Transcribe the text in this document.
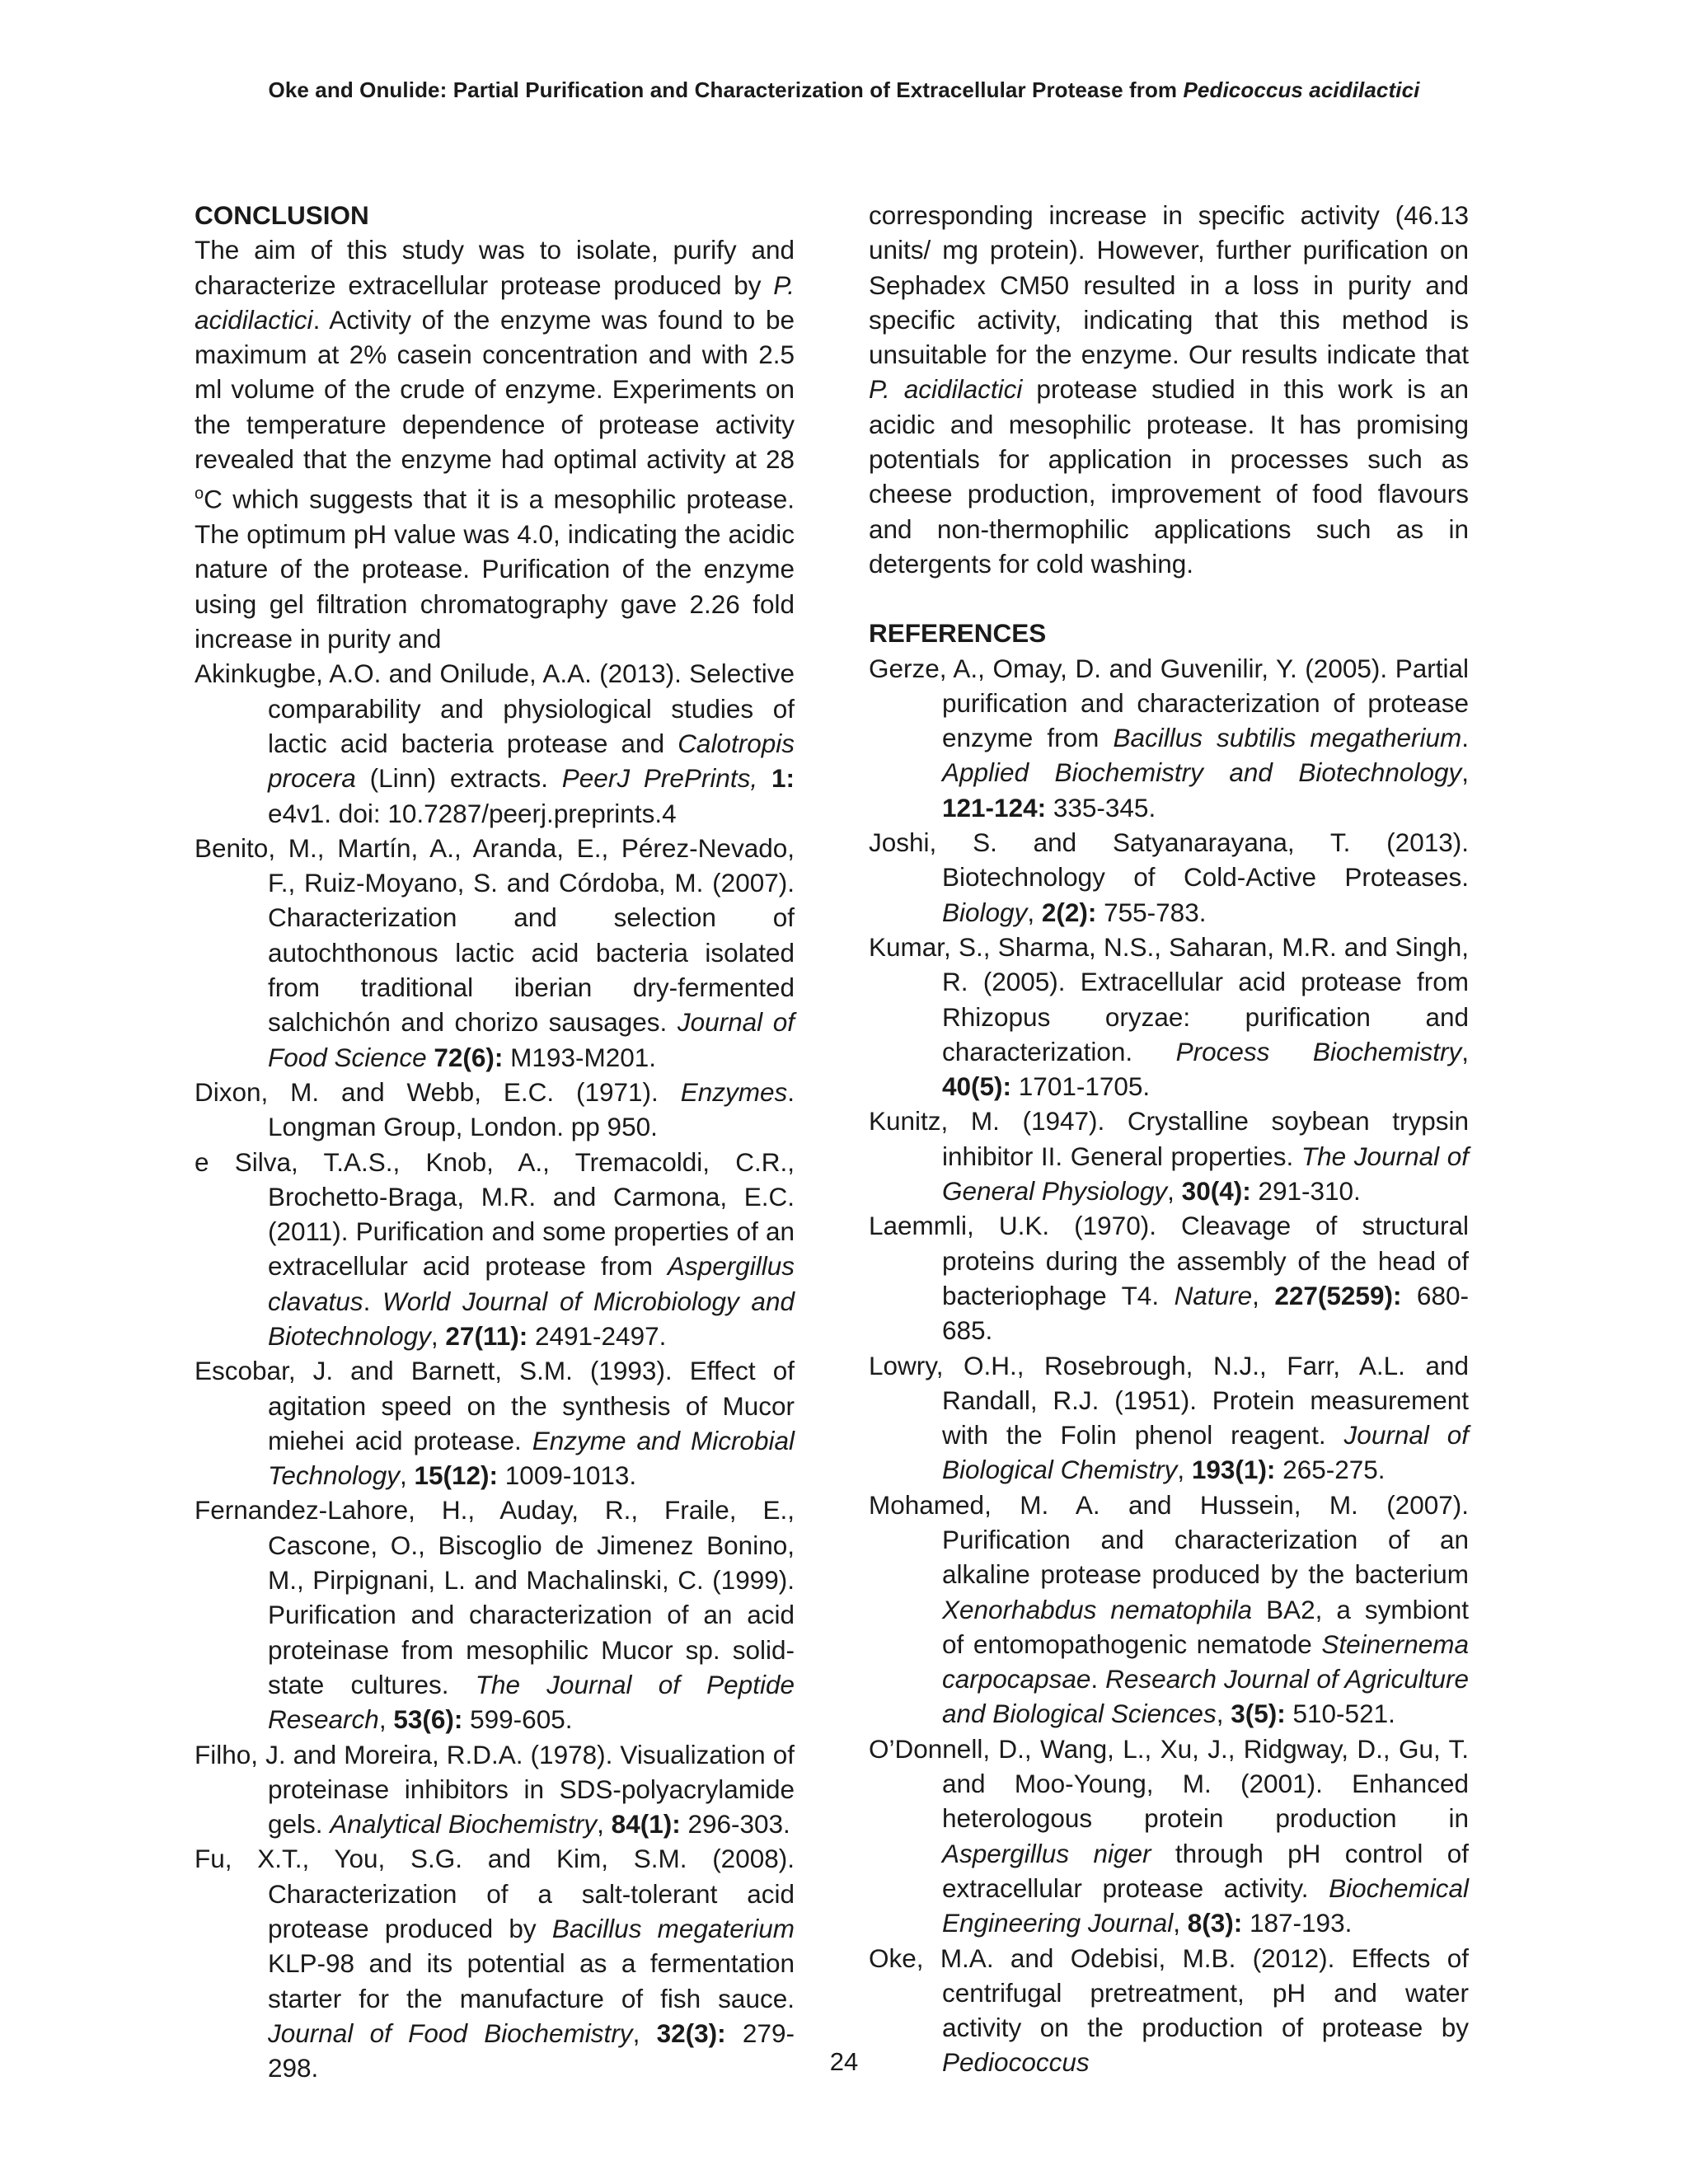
Oke and Onulide: Partial Purification and Characterization of Extracellular Protease from Pedicoccus acidilactici

CONCLUSION

The aim of this study was to isolate, purify and characterize extracellular protease produced by P. acidilactici. Activity of the enzyme was found to be maximum at 2% casein concentration and with 2.5 ml volume of the crude of enzyme. Experiments on the temperature dependence of protease activity revealed that the enzyme had optimal activity at 28 $^o$C which suggests that it is a mesophilic protease. The optimum pH value was 4.0, indicating the acidic nature of the protease. Purification of the enzyme using gel filtration chromatography gave 2.26 fold increase in purity and

Akinkugbe, A.O. and Onilude, A.A. (2013). Selective comparability and physiological studies of lactic acid bacteria protease and Calotropis procera (Linn) extracts. PeerJ PrePrints, 1: e4v1. doi: 10.7287/peerj.preprints.4

Benito, M., Martín, A., Aranda, E., Pérez-Nevado, F., Ruiz-Moyano, S. and Córdoba, M. (2007). Characterization and selection of autochthonous lactic acid bacteria isolated from traditional iberian dry-fermented salchichón and chorizo sausages. Journal of Food Science 72(6): M193-M201.

Dixon, M. and Webb, E.C. (1971). Enzymes. Longman Group, London. pp 950.

e Silva, T.A.S., Knob, A., Tremacoldi, C.R., Brochetto-Braga, M.R. and Carmona, E.C. (2011). Purification and some properties of an extracellular acid protease from Aspergillus clavatus. World Journal of Microbiology and Biotechnology, 27(11): 2491-2497.

Escobar, J. and Barnett, S.M. (1993). Effect of agitation speed on the synthesis of Mucor miehei acid protease. Enzyme and Microbial Technology, 15(12): 1009-1013.

Fernandez-Lahore, H., Auday, R., Fraile, E., Cascone, O., Biscoglio de Jimenez Bonino, M., Pirpignani, L. and Machalinski, C. (1999). Purification and characterization of an acid proteinase from mesophilic Mucor sp. solid-state cultures. The Journal of Peptide Research, 53(6): 599-605.

Filho, J. and Moreira, R.D.A. (1978). Visualization of proteinase inhibitors in SDS-polyacrylamide gels. Analytical Biochemistry, 84(1): 296-303.

Fu, X.T., You, S.G. and Kim, S.M. (2008). Characterization of a salt-tolerant acid protease produced by Bacillus megaterium KLP-98 and its potential as a fermentation starter for the manufacture of fish sauce. Journal of Food Biochemistry, 32(3): 279-298.

corresponding increase in specific activity (46.13 units/ mg protein). However, further purification on Sephadex CM50 resulted in a loss in purity and specific activity, indicating that this method is unsuitable for the enzyme. Our results indicate that P. acidilactici protease studied in this work is an acidic and mesophilic protease. It has promising potentials for application in processes such as cheese production, improvement of food flavours and non-thermophilic applications such as in detergents for cold washing.

REFERENCES

Gerze, A., Omay, D. and Guvenilir, Y. (2005). Partial purification and characterization of protease enzyme from Bacillus subtilis megatherium. Applied Biochemistry and Biotechnology, 121-124: 335-345.

Joshi, S. and Satyanarayana, T. (2013). Biotechnology of Cold-Active Proteases. Biology, 2(2): 755-783.

Kumar, S., Sharma, N.S., Saharan, M.R. and Singh, R. (2005). Extracellular acid protease from Rhizopus oryzae: purification and characterization. Process Biochemistry, 40(5): 1701-1705.

Kunitz, M. (1947). Crystalline soybean trypsin inhibitor II. General properties. The Journal of General Physiology, 30(4): 291-310.

Laemmli, U.K. (1970). Cleavage of structural proteins during the assembly of the head of bacteriophage T4. Nature, 227(5259): 680-685.

Lowry, O.H., Rosebrough, N.J., Farr, A.L. and Randall, R.J. (1951). Protein measurement with the Folin phenol reagent. Journal of Biological Chemistry, 193(1): 265-275.

Mohamed, M. A. and Hussein, M. (2007). Purification and characterization of an alkaline protease produced by the bacterium Xenorhabdus nematophila BA2, a symbiont of entomopathogenic nematode Steinernema carpocapsae. Research Journal of Agriculture and Biological Sciences, 3(5): 510-521.

O’Donnell, D., Wang, L., Xu, J., Ridgway, D., Gu, T. and Moo-Young, M. (2001). Enhanced heterologous protein production in Aspergillus niger through pH control of extracellular protease activity. Biochemical Engineering Journal, 8(3): 187-193.

Oke, M.A. and Odebisi, M.B. (2012). Effects of centrifugal pretreatment, pH and water activity on the production of protease by Pediococcus

24
